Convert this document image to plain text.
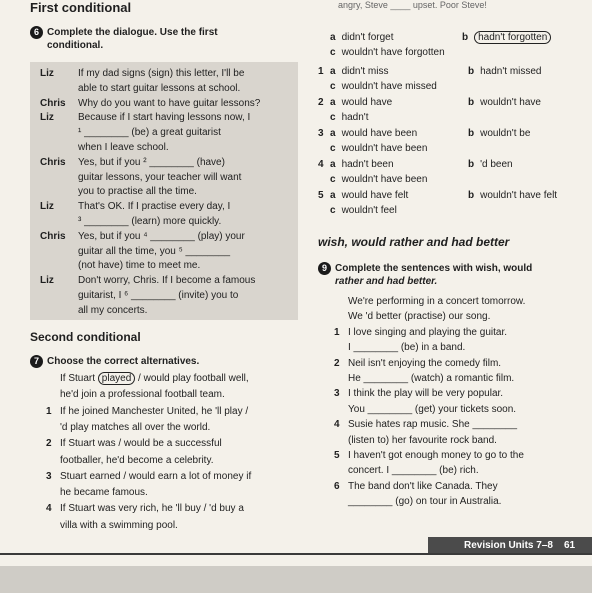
First conditional	angry, Steve ____ upset. Poor Steve!
6 Complete the dialogue. Use the first
conditional.
Liz If my dad signs (sign) this letter, I'll be
able to start guitar lessons at school.
Chris Why do you want to have guitar lessons?
Liz Because if I start having lessons now, I
¹ ________ (be) a great guitarist
when I leave school.
Chris Yes, but if you ² ________ (have)
guitar lessons, your teacher will want
you to practise all the time.
Liz That's OK. If I practise every day, I
³ ________ (learn) more quickly.
Chris Yes, but if you ⁴ ________ (play) your
guitar all the time, you ⁵ ________
(not have) time to meet me.
Liz Don't worry, Chris. If I become a famous
guitarist, I ⁶ ________ (invite) you to
all my concerts.
Second conditional
7 Choose the correct alternatives.
If Stuart played / would play football well,
he'd join a professional football team.
1 If he joined Manchester United, he 'll play /
'd play matches all over the world.
2 If Stuart was / would be a successful
footballer, he'd become a celebrity.
3 Stuart earned / would earn a lot of money if
he became famous.
4 If Stuart was very rich, he 'll buy / 'd buy a
villa with a swimming pool.
a didn't forget	b hadn't forgotten
c wouldn't have forgotten
1 a didn't miss	b hadn't missed
c wouldn't have missed
2 a would have	b wouldn't have
c hadn't
3 a would have been	b wouldn't be
c wouldn't have been
4 a hadn't been	b 'd been
c wouldn't have been
5 a would have felt	b wouldn't have felt
c wouldn't feel
wish, would rather and had better
9 Complete the sentences with wish, would
rather and had better.
We're performing in a concert tomorrow.
We 'd better (practise) our song.
1 I love singing and playing the guitar.
I ________ (be) in a band.
2 Neil isn't enjoying the comedy film.
He ________ (watch) a romantic film.
3 I think the play will be very popular.
You ________ (get) your tickets soon.
4 Susie hates rap music. She ________
(listen to) her favourite rock band.
5 I haven't got enough money to go to the
concert. I ________ (be) rich.
6 The band don't like Canada. They
________ (go) on tour in Australia.
Revision Units 7–8 61
